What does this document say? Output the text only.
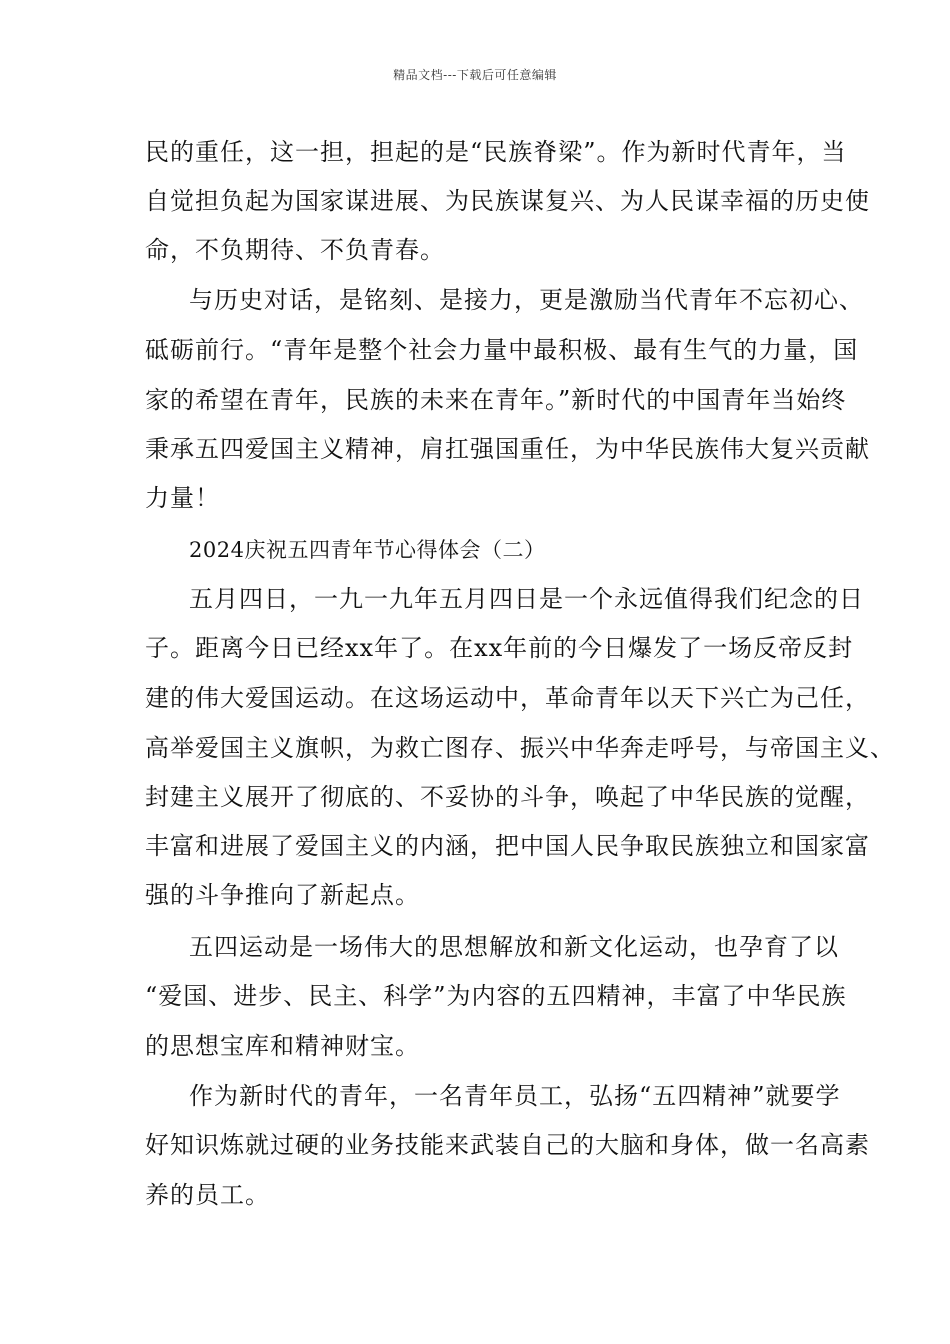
精品文档---下载后可任意编辑
民的重任，这一担，担起的是“民族脊梁”。作为新时代青年，当
自觉担负起为国家谋进展、为民族谋复兴、为人民谋幸福的历史使
命，不负期待、不负青春。
与历史对话，是铭刻、是接力，更是激励当代青年不忘初心、
砥砺前行。“青年是整个社会力量中最积极、最有生气的力量，国
家的希望在青年，民族的未来在青年。”新时代的中国青年当始终
秉承五四爱国主义精神，肩扛强国重任，为中华民族伟大复兴贡献
力量！
2024庆祝五四青年节心得体会（二）
五月四日，一九一九年五月四日是一个永远值得我们纪念的日
子。距离今日已经xx年了。在xx年前的今日爆发了一场反帝反封
建的伟大爱国运动。在这场运动中，革命青年以天下兴亡为己任，
高举爱国主义旗帜，为救亡图存、振兴中华奔走呼号，与帝国主义、
封建主义展开了彻底的、不妥协的斗争，唤起了中华民族的觉醒，
丰富和进展了爱国主义的内涵，把中国人民争取民族独立和国家富
强的斗争推向了新起点。
五四运动是一场伟大的思想解放和新文化运动，也孕育了以
“爱国、进步、民主、科学”为内容的五四精神，丰富了中华民族
的思想宝库和精神财宝。
作为新时代的青年，一名青年员工，弘扬“五四精神”就要学
好知识炼就过硬的业务技能来武装自己的大脑和身体，做一名高素
养的员工。
